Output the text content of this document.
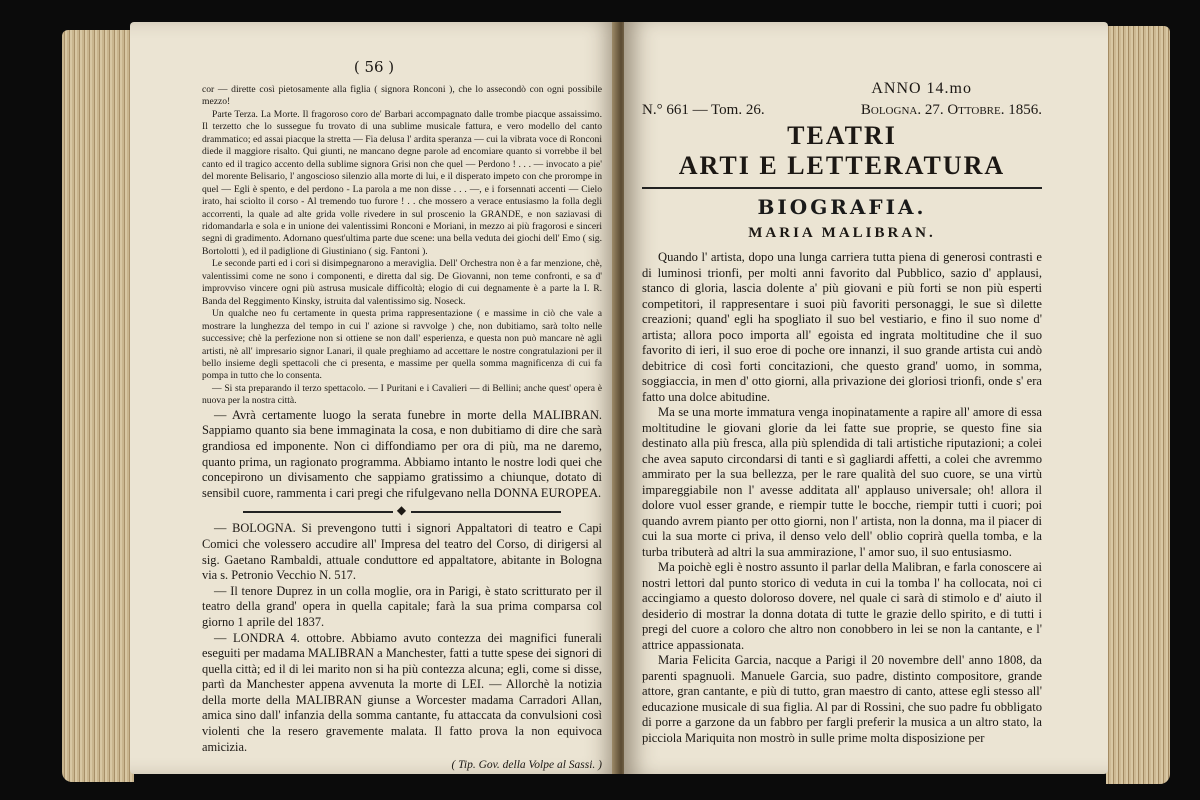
( 56 )

cor — dirette così pietosamente alla figlia ( signora Ronconi ), che lo assecondò con ogni possibile mezzo!

Parte Terza. La Morte. Il fragoroso coro de' Barbari accompagnato dalle trombe piacque assaissimo. Il terzetto che lo sussegue fu trovato di una sublime musicale fattura, e vero modello del canto drammatico; ed assai piacque la stretta — Fia delusa l' ardita speranza — cui la vibrata voce di Ronconi diede il maggiore risalto. Qui giunti, ne mancano degne parole ad encomiare quanto si vorrebbe il bel canto ed il tragico accento della sublime signora Grisi non che quel — Perdono ! . . . — invocato a pie' del morente Belisario, l' angoscioso silenzio alla morte di lui, e il disperato impeto con che prorompe in quel — Egli è spento, e del perdono - La parola a me non disse . . . —, e i forsennati accenti — Cielo irato, hai sciolto il corso - Al tremendo tuo furore ! . . che mossero a verace entusiasmo la folla degli accorrenti, la quale ad alte grida volle rivedere in sul proscenio la GRANDE, e non saziavasi di ridomandarla e sola e in unione dei valentissimi Ronconi e Moriani, in mezzo ai più fragorosi e sinceri segni di gradimento. Adornano quest'ultima parte due scene: una bella veduta dei giochi dell' Emo ( sig. Bortolotti ), ed il padiglione di Giustiniano ( sig. Fantoni ).

Le seconde parti ed i cori si disimpegnarono a meraviglia. Dell' Orchestra non è a far menzione, chè, valentissimi come ne sono i componenti, e diretta dal sig. De Giovanni, non teme confronti, e sa d' improvviso vincere ogni più astrusa musicale difficoltà; elogio di cui degnamente è a parte la I. R. Banda del Reggimento Kinsky, istruita dal valentissimo sig. Noseck.

Un qualche neo fu certamente in questa prima rappresentazione ( e massime in ciò che vale a mostrare la lunghezza del tempo in cui l' azione si ravvolge ) che, non dubitiamo, sarà tolto nelle successive; chè la perfezione non si ottiene se non dall' esperienza, e questa non può mancare nè agli artisti, nè all' impresario signor Lanari, il quale preghiamo ad accettare le nostre congratulazioni per il bello insieme degli spettacoli che ci presenta, e massime per quella somma magnificenza di cui fa pompa in tutto che lo consenta.

— Si sta preparando il terzo spettacolo. — I Puritani e i Cavalieri — di Bellini; anche quest' opera è nuova per la nostra città.

— Avrà certamente luogo la serata funebre in morte della MALIBRAN. Sappiamo quanto sia bene immaginata la cosa, e non dubitiamo di dire che sarà grandiosa ed imponente. Non ci diffondiamo per ora di più, ma ne daremo, quanto prima, un ragionato programma. Abbiamo intanto le nostre lodi quei che concepirono un divisamento che sappiamo gratissimo a chiunque, dotato di sensibil cuore, rammenta i cari pregi che rifulgevano nella DONNA EUROPEA.

◆

— BOLOGNA. Si prevengono tutti i signori Appaltatori di teatro e Capi Comici che volessero accudire all' Impresa del teatro del Corso, di dirigersi al sig. Gaetano Rambaldi, attuale conduttore ed appaltatore, abitante in Bologna via s. Petronio Vecchio N. 517.

— Il tenore Duprez in un colla moglie, ora in Parigi, è stato scritturato per il teatro della grand' opera in quella capitale; farà la sua prima comparsa col giorno 1 aprile del 1837.

— LONDRA 4. ottobre. Abbiamo avuto contezza dei magnifici funerali eseguiti per madama MALIBRAN a Manchester, fatti a tutte spese dei signori di quella città; ed il di lei marito non si ha più contezza alcuna; egli, come si disse, partì da Manchester appena avvenuta la morte di LEI. — Allorchè la notizia della morte della MALIBRAN giunse a Worcester madama Carradori Allan, amica sino dall' infanzia della somma cantante, fu attaccata da convulsioni così violenti che la resero gravemente malata. Il fatto prova la non equivoca amicizia.

( Tip. Gov. della Volpe al Sassi. )
ANNO 14.mo
N.° 661 — Tom. 26.	Bologna. 27. Ottobre. 1856.
TEATRI
ARTI E LETTERATURA
BIOGRAFIA.
MARIA MALIBRAN.

Quando l' artista, dopo una lunga carriera tutta piena di generosi contrasti e di luminosi trionfi, per molti anni favorito dal Pubblico, sazio d' applausi, stanco di gloria, lascia dolente a' più giovani e più forti se non più esperti competitori, il rappresentare i suoi più favoriti personaggi, le sue sì dilette creazioni; quand' egli ha spogliato il suo bel vestiario, e fino il suo nome d' artista; allora poco importa all' egoista ed ingrata moltitudine che il suo favorito di ieri, il suo eroe di poche ore innanzi, il suo grande artista cui andò debitrice di così forti concitazioni, che questo grand' uomo, in somma, soggiaccia, in men d' otto giorni, alla privazione dei gloriosi trionfi, onde s' era fatto una dolce abitudine.

Ma se una morte immatura venga inopinatamente a rapire all' amore di essa moltitudine le giovani glorie da lei fatte sue proprie, se questo fine sia destinato alla più fresca, alla più splendida di tali artistiche riputazioni; a colei che avea saputo circondarsi di tanti e sì gagliardi affetti, a colei che avremmo ammirato per la sua bellezza, per le rare qualità del suo cuore, se una virtù impareggiabile non l' avesse additata all' applauso universale; oh! allora il dolore vuol esser grande, e riempir tutte le bocche, riempir tutti i cuori; poi quando avrem pianto per otto giorni, non l' artista, non la donna, ma il piacer di cui la sua morte ci priva, il denso velo dell' oblio coprirà quella tomba, e la turba tributerà ad altri la sua ammirazione, l' amor suo, il suo entusiasmo.

Ma poichè egli è nostro assunto il parlar della Malibran, e farla conoscere ai nostri lettori dal punto storico di veduta in cui la tomba l' ha collocata, noi ci accingiamo a questo doloroso dovere, nel quale ci sarà di stimolo e d' aiuto il desiderio di mostrar la donna dotata di tutte le grazie dello spirito, e di tutti i pregi del cuore a coloro che altro non conobbero in lei se non la cantante, e l' attrice appassionata.

Maria Felicita Garcia, nacque a Parigi il 20 novembre dell' anno 1808, da parenti spagnuoli. Manuele Garcia, suo padre, distinto compositore, grande attore, gran cantante, e più di tutto, gran maestro di canto, attese egli stesso all' educazione musicale di sua figlia. Al par di Rossini, che suo padre fu obbligato di porre a garzone da un fabbro per fargli preferir la musica a un altro stato, la picciola Mariquita non mostrò in sulle prime molta disposizione per
